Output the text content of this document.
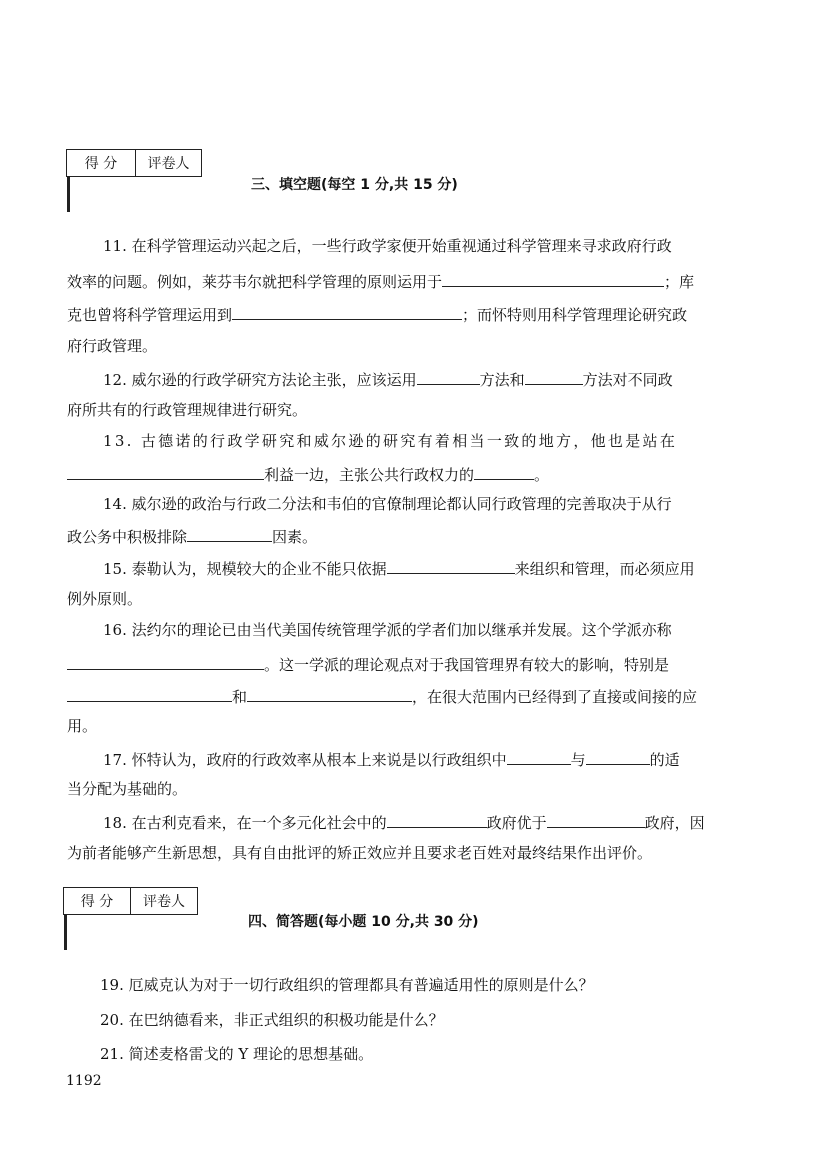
得 分	评卷人

三、填空题(每空 1 分,共 15 分)
11. 在科学管理运动兴起之后，一些行政学家便开始重视通过科学管理来寻求政府行政
效率的问题。例如，莱芬韦尔就把科学管理的原则运用于	；库
克也曾将科学管理运用到	；而怀特则用科学管理理论研究政
府行政管理。
12. 威尔逊的行政学研究方法论主张，应该运用	方法和	方法对不同政
府所共有的行政管理规律进行研究。
13. 古德诺的行政学研究和威尔逊的研究有着相当一致的地方，他也是站在
利益一边，主张公共行政权力的	。
14. 威尔逊的政治与行政二分法和韦伯的官僚制理论都认同行政管理的完善取决于从行
政公务中积极排除	因素。
15. 泰勒认为，规模较大的企业不能只依据	来组织和管理，而必须应用
例外原则。
16. 法约尔的理论已由当代美国传统管理学派的学者们加以继承并发展。这个学派亦称
。这一学派的理论观点对于我国管理界有较大的影响，特别是
和	，在很大范围内已经得到了直接或间接的应
用。
17. 怀特认为，政府的行政效率从根本上来说是以行政组织中	与	的适
当分配为基础的。
18. 在古利克看来，在一个多元化社会中的	政府优于	政府，因
为前者能够产生新思想，具有自由批评的矫正效应并且要求老百姓对最终结果作出评价。
得 分	评卷人

四、简答题(每小题 10 分,共 30 分)
19. 厄威克认为对于一切行政组织的管理都具有普遍适用性的原则是什么？
20. 在巴纳德看来，非正式组织的积极功能是什么？
21. 简述麦格雷戈的 Y 理论的思想基础。
1192
